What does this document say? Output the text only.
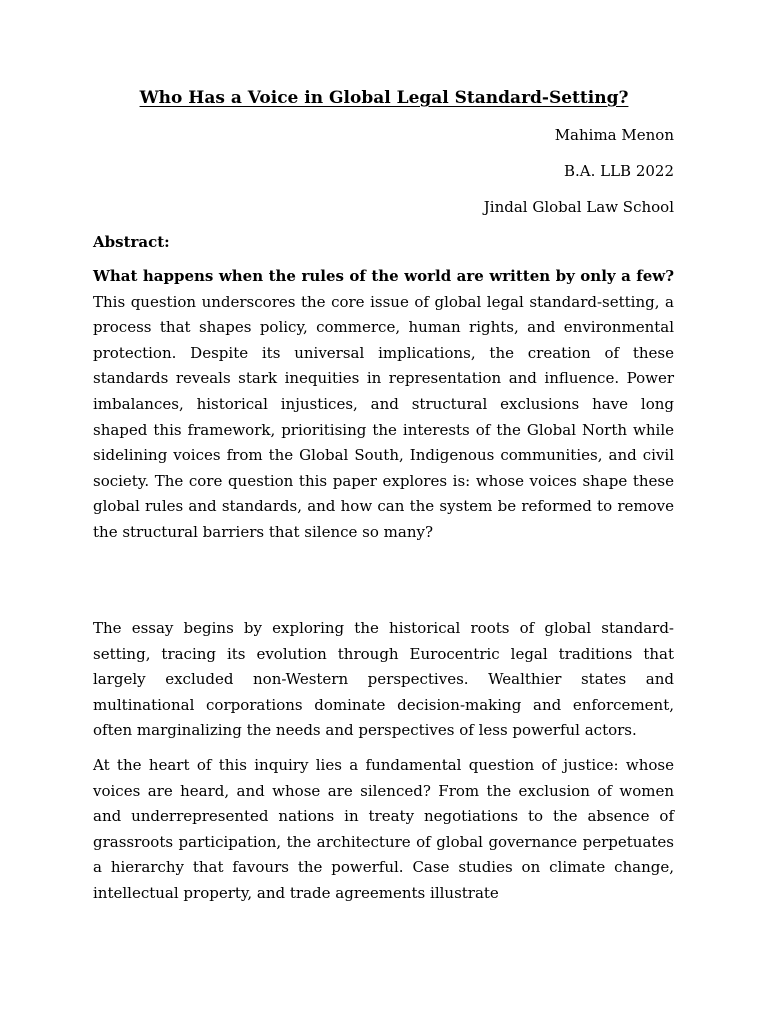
Who Has a Voice in Global Legal Standard-Setting?
Mahima Menon
B.A. LLB 2022
Jindal Global Law School
Abstract:

What happens when the rules of the world are written by only a few? This question underscores the core issue of global legal standard-setting, a process that shapes policy, commerce, human rights, and environmental protection. Despite its universal implications, the creation of these standards reveals stark inequities in representation and influence. Power imbalances, historical injustices, and structural exclusions have long shaped this framework, prioritising the interests of the Global North while sidelining voices from the Global South, Indigenous communities, and civil society. The core question this paper explores is: whose voices shape these global rules and standards, and how can the system be reformed to remove the structural barriers that silence so many?

The essay begins by exploring the historical roots of global standard-setting, tracing its evolution through Eurocentric legal traditions that largely excluded non-Western perspectives. Wealthier states and multinational corporations dominate decision-making and enforcement, often marginalizing the needs and perspectives of less powerful actors.

At the heart of this inquiry lies a fundamental question of justice: whose voices are heard, and whose are silenced? From the exclusion of women and underrepresented nations in treaty negotiations to the absence of grassroots participation, the architecture of global governance perpetuates a hierarchy that favours the powerful. Case studies on climate change, intellectual property, and trade agreements illustrate
